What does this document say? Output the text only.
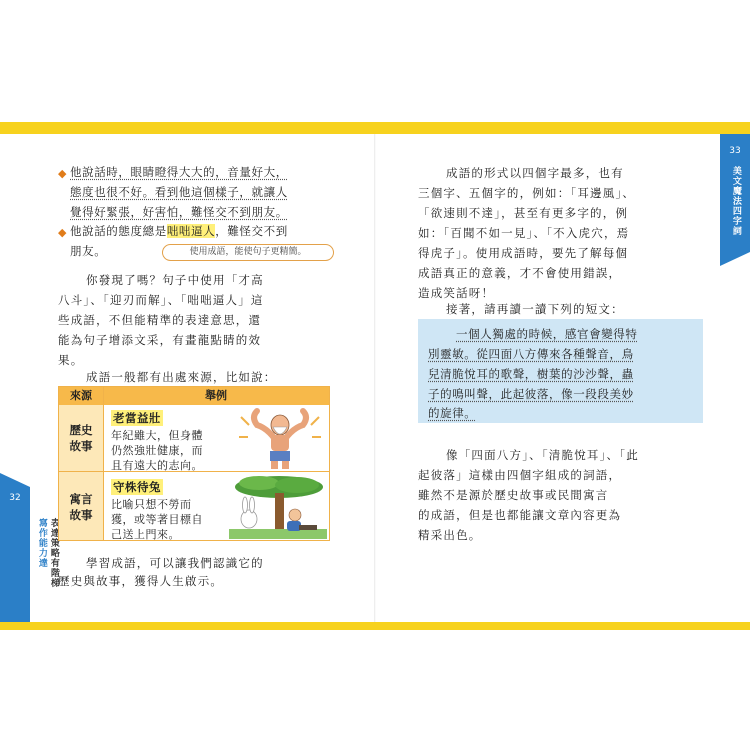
32
寫作能力達 表達策略有階梯
33
美文魔法四字詞
◆ 他說話時，眼睛瞪得大大的，音量好大，
態度也很不好。看到他這個樣子，就讓人
覺得好緊張，好害怕，難怪交不到朋友。
◆ 他說話的態度總是咄咄逼人，難怪交不到
朋友。	使用成語，能使句子更精簡。
你發現了嗎？句子中使用「才高
八斗」、「迎刃而解」、「咄咄逼人」這
些成語，不但能精準的表達意思，還
能為句子增添文采，有畫龍點睛的效
果。
成語一般都有出處來源，比如說：
來源	舉例
歷史
故事
老當益壯
年紀雖大，但身體
仍然強壯健康，而
且有遠大的志向。
寓言
故事
守株待兔
比喻只想不勞而
獲，或等著目標自
己送上門來。
學習成語，可以讓我們認識它的
歷史與故事，獲得人生啟示。
成語的形式以四個字最多，也有
三個字、五個字的，例如：「耳邊風」、
「欲速則不達」，甚至有更多字的，例
如：「百聞不如一見」、「不入虎穴，焉
得虎子」。使用成語時，要先了解每個
成語真正的意義，才不會使用錯誤，
造成笑話呀！
接著，請再讀一讀下列的短文：
一個人獨處的時候，感官會變得特
別靈敏。從四面八方傳來各種聲音，鳥
兒清脆悅耳的歌聲，樹葉的沙沙聲，蟲
子的鳴叫聲，此起彼落，像一段段美妙
的旋律。
像「四面八方」、「清脆悅耳」、「此
起彼落」這樣由四個字組成的詞語，
雖然不是源於歷史故事或民間寓言
的成語，但是也都能讓文章內容更為
精采出色。
